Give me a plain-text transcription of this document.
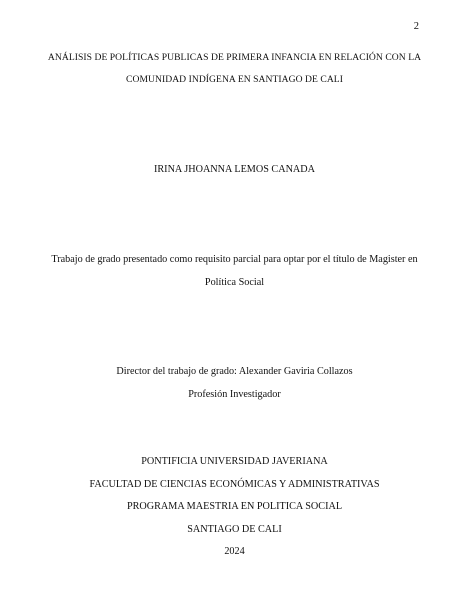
2
ANÁLISIS DE POLÍTICAS PUBLICAS DE PRIMERA INFANCIA EN RELACIÓN CON LA
COMUNIDAD INDÍGENA EN SANTIAGO DE CALI
IRINA JHOANNA LEMOS CANADA
Trabajo de grado presentado como requisito parcial para optar por el título de Magister en
Política Social
Director del trabajo de grado: Alexander Gaviria Collazos
Profesión Investigador
PONTIFICIA UNIVERSIDAD JAVERIANA
FACULTAD DE CIENCIAS ECONÓMICAS Y ADMINISTRATIVAS
PROGRAMA MAESTRIA EN POLITICA SOCIAL
SANTIAGO DE CALI
2024
